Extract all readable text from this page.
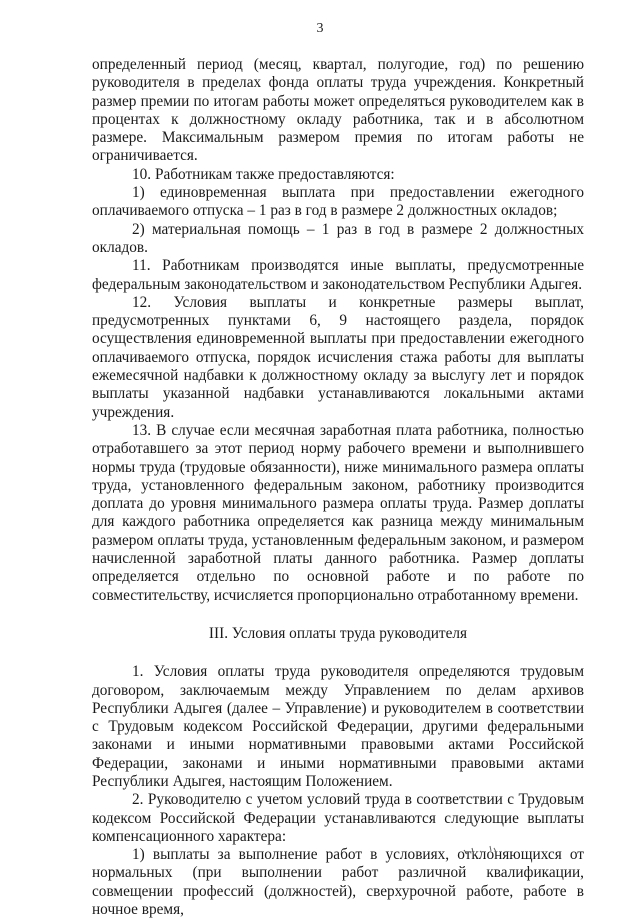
3

определенный период (месяц, квартал, полугодие, год) по решению руководителя в пределах фонда оплаты труда учреждения. Конкретный размер премии по итогам работы может определяться руководителем как в процентах к должностному окладу работника, так и в абсолютном размере. Максимальным размером премия по итогам работы не ограничивается.

10. Работникам также предоставляются:

1) единовременная выплата при предоставлении ежегодного оплачиваемого отпуска – 1 раз в год в размере 2 должностных окладов;

2) материальная помощь – 1 раз в год в размере 2 должностных окладов.

11. Работникам производятся иные выплаты, предусмотренные федеральным законодательством и законодательством Республики Адыгея.

12. Условия выплаты и конкретные размеры выплат, предусмотренных пунктами 6, 9 настоящего раздела, порядок осуществления единовременной выплаты при предоставлении ежегодного оплачиваемого отпуска, порядок исчисления стажа работы для выплаты ежемесячной надбавки к должностному окладу за выслугу лет и порядок выплаты указанной надбавки устанавливаются локальными актами учреждения.

13. В случае если месячная заработная плата работника, полностью отработавшего за этот период норму рабочего времени и выполнившего нормы труда (трудовые обязанности), ниже минимального размера оплаты труда, установленного федеральным законом, работнику производится доплата до уровня минимального размера оплаты труда. Размер доплаты для каждого работника определяется как разница между минимальным размером оплаты труда, установленным федеральным законом, и размером начисленной заработной платы данного работника. Размер доплаты определяется отдельно по основной работе и по работе по совместительству, исчисляется пропорционально отработанному времени.

III. Условия оплаты труда руководителя

1. Условия оплаты труда руководителя определяются трудовым договором, заключаемым между Управлением по делам архивов Республики Адыгея (далее – Управление) и руководителем в соответствии с Трудовым кодексом Российской Федерации, другими федеральными законами и иными нормативными правовыми актами Российской Федерации, законами и иными нормативными правовыми актами Республики Адыгея, настоящим Положением.

2. Руководителю с учетом условий труда в соответствии с Трудовым кодексом Российской Федерации устанавливаются следующие выплаты компенсационного характера:

1) выплаты за выполнение работ в условиях, отклоняющихся от нормальных (при выполнении работ различной квалификации, совмещении профессий (должностей), сверхурочной работе, работе в ночное время,
